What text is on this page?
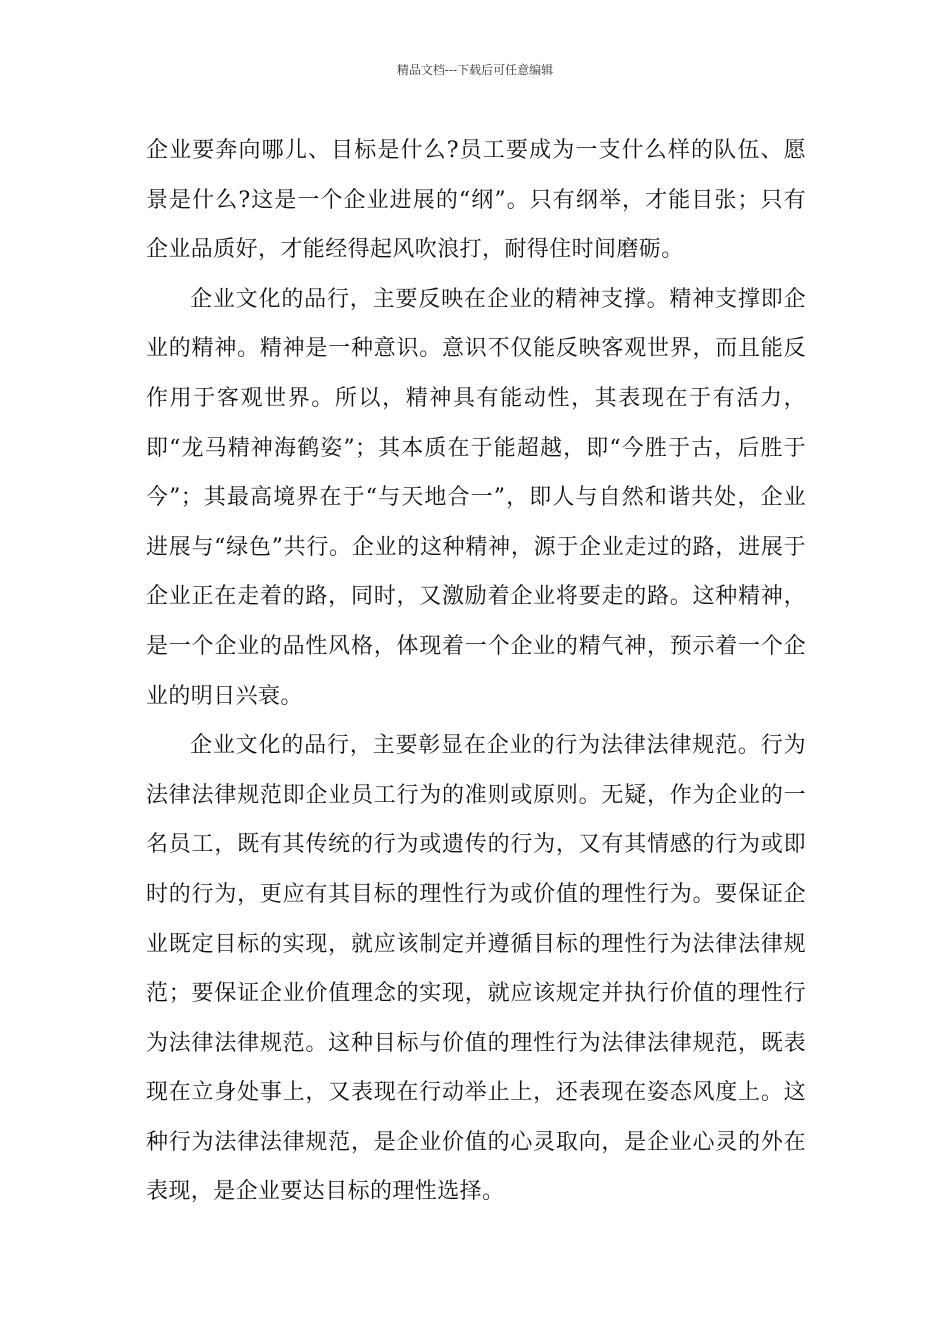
精品文档---下载后可任意编辑

企业要奔向哪儿、目标是什么?员工要成为一支什么样的队伍、愿景是什么?这是一个企业进展的“纲”。只有纲举，才能目张；只有企业品质好，才能经得起风吹浪打，耐得住时间磨砺。

企业文化的品行，主要反映在企业的精神支撑。精神支撑即企业的精神。精神是一种意识。意识不仅能反映客观世界，而且能反作用于客观世界。所以，精神具有能动性，其表现在于有活力，即“龙马精神海鹤姿”；其本质在于能超越，即“今胜于古，后胜于今”；其最高境界在于“与天地合一”，即人与自然和谐共处，企业进展与“绿色”共行。企业的这种精神，源于企业走过的路，进展于企业正在走着的路，同时，又激励着企业将要走的路。这种精神，是一个企业的品性风格，体现着一个企业的精气神，预示着一个企业的明日兴衰。

企业文化的品行，主要彰显在企业的行为法律法律规范。行为法律法律规范即企业员工行为的准则或原则。无疑，作为企业的一名员工，既有其传统的行为或遗传的行为，又有其情感的行为或即时的行为，更应有其目标的理性行为或价值的理性行为。要保证企业既定目标的实现，就应该制定并遵循目标的理性行为法律法律规范；要保证企业价值理念的实现，就应该规定并执行价值的理性行为法律法律规范。这种目标与价值的理性行为法律法律规范，既表现在立身处事上，又表现在行动举止上，还表现在姿态风度上。这种行为法律法律规范，是企业价值的心灵取向，是企业心灵的外在表现，是企业要达目标的理性选择。
